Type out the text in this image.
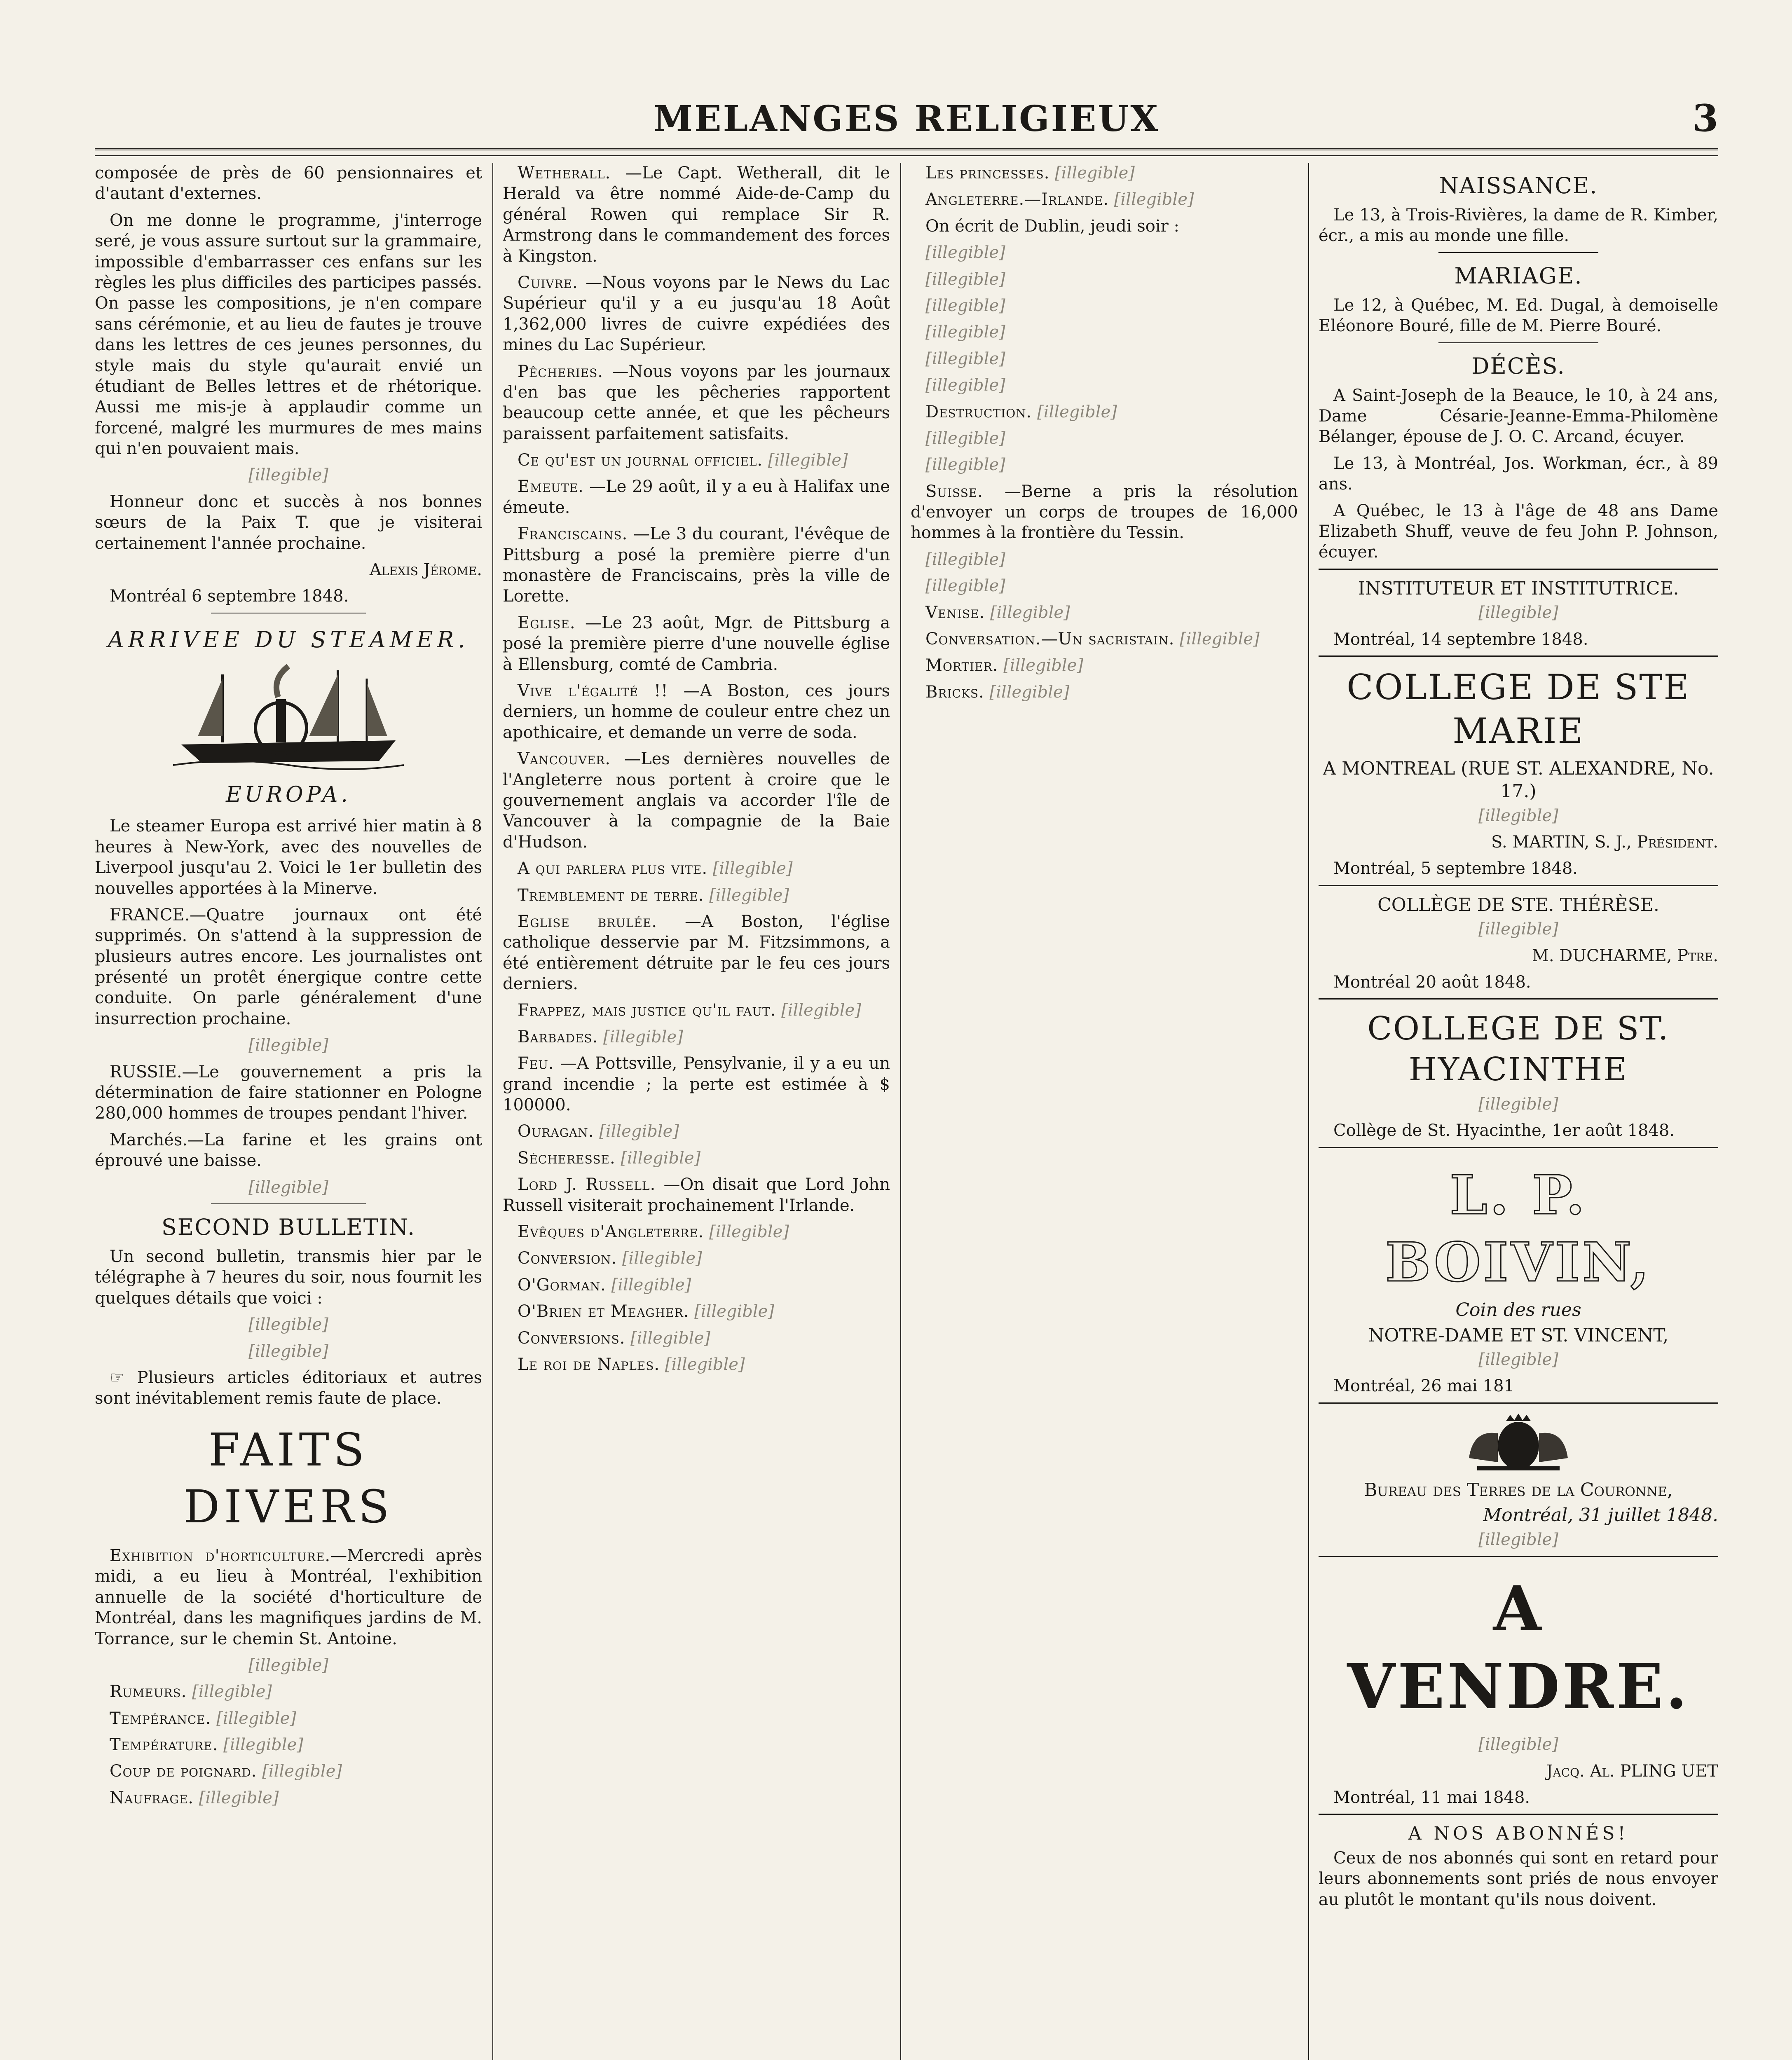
MELANGES RELIGIEUX	3

composée de près de 60 pensionnaires et d'autant d'externes.

On me donne le programme, j'interroge seré, je vous assure surtout sur la grammaire, impossible d'embarrasser ces enfans sur les règles les plus difficiles des participes passés. On passe les compositions, je n'en compare sans cérémonie, et au lieu de fautes je trouve dans les lettres de ces jeunes personnes, du style mais du style qu'aurait envié un étudiant de Belles lettres et de rhétorique. Aussi me mis-je à applaudir comme un forcené, malgré les murmures de mes mains qui n'en pouvaient mais.

[illegible]

Honneur donc et succès à nos bonnes sœurs de la Paix T. que je visiterai certainement l'année prochaine.

Alexis Jérome.

Montréal 6 septembre 1848.

ARRIVEE DU STEAMER.
EUROPA.

Le steamer Europa est arrivé hier matin à 8 heures à New-York, avec des nouvelles de Liverpool jusqu'au 2. Voici le 1er bulletin des nouvelles apportées à la Minerve.

FRANCE.—Quatre journaux ont été supprimés. On s'attend à la suppression de plusieurs autres encore. Les journalistes ont présenté un protêt énergique contre cette conduite. On parle généralement d'une insurrection prochaine.

[illegible]

RUSSIE.—Le gouvernement a pris la détermination de faire stationner en Pologne 280,000 hommes de troupes pendant l'hiver.

Marchés.—La farine et les grains ont éprouvé une baisse.

[illegible]

SECOND BULLETIN.

Un second bulletin, transmis hier par le télégraphe à 7 heures du soir, nous fournit les quelques détails que voici :

[illegible]

[illegible]

☞ Plusieurs articles éditoriaux et autres sont inévitablement remis faute de place.

FAITS DIVERS

Exhibition d'horticulture.—Mercredi après midi, a eu lieu à Montréal, l'exhibition annuelle de la société d'horticulture de Montréal, dans les magnifiques jardins de M. Torrance, sur le chemin St. Antoine.

[illegible]

Rumeurs. [illegible]

Tempérance. [illegible]

Température. [illegible]

Coup de poignard. [illegible]

Naufrage. [illegible]

Wetherall. —Le Capt. Wetherall, dit le Herald va être nommé Aide-de-Camp du général Rowen qui remplace Sir R. Armstrong dans le commandement des forces à Kingston.

Cuivre. —Nous voyons par le News du Lac Supérieur qu'il y a eu jusqu'au 18 Août 1,362,000 livres de cuivre expédiées des mines du Lac Supérieur.

Pêcheries. —Nous voyons par les journaux d'en bas que les pêcheries rapportent beaucoup cette année, et que les pêcheurs paraissent parfaitement satisfaits.

Ce qu'est un journal officiel. [illegible]

Emeute. —Le 29 août, il y a eu à Halifax une émeute.

Franciscains. —Le 3 du courant, l'évêque de Pittsburg a posé la première pierre d'un monastère de Franciscains, près la ville de Lorette.

Eglise. —Le 23 août, Mgr. de Pittsburg a posé la première pierre d'une nouvelle église à Ellensburg, comté de Cambria.

Vive l'égalité !! —A Boston, ces jours derniers, un homme de couleur entre chez un apothicaire, et demande un verre de soda.

Vancouver. —Les dernières nouvelles de l'Angleterre nous portent à croire que le gouvernement anglais va accorder l'île de Vancouver à la compagnie de la Baie d'Hudson.

A qui parlera plus vite. [illegible]

Tremblement de terre. [illegible]

Eglise brulée. —A Boston, l'église catholique desservie par M. Fitzsimmons, a été entièrement détruite par le feu ces jours derniers.

Frappez, mais justice qu'il faut. [illegible]

Barbades. [illegible]

Feu. —A Pottsville, Pensylvanie, il y a eu un grand incendie ; la perte est estimée à $ 100000.

Ouragan. [illegible]

Sécheresse. [illegible]

Lord J. Russell. —On disait que Lord John Russell visiterait prochainement l'Irlande.

Evêques d'Angleterre. [illegible]

Conversion. [illegible]

O'Gorman. [illegible]

O'Brien et Meagher. [illegible]

Conversions. [illegible]

Le roi de Naples. [illegible]

Les princesses. [illegible]

Angleterre.—Irlande. [illegible]

On écrit de Dublin, jeudi soir :

[illegible]

[illegible]

[illegible]

[illegible]

[illegible]

[illegible]

Destruction. [illegible]

[illegible]

[illegible]

Suisse. —Berne a pris la résolution d'envoyer un corps de troupes de 16,000 hommes à la frontière du Tessin.

[illegible]

[illegible]

Venise. [illegible]

Conversation.—Un sacristain. [illegible]

Mortier. [illegible]

Bricks. [illegible]

NAISSANCE.

Le 13, à Trois-Rivières, la dame de R. Kimber, écr., a mis au monde une fille.

MARIAGE.

Le 12, à Québec, M. Ed. Dugal, à demoiselle Eléonore Bouré, fille de M. Pierre Bouré.

DÉCÈS.

A Saint-Joseph de la Beauce, le 10, à 24 ans, Dame Césarie-Jeanne-Emma-Philomène Bélanger, épouse de J. O. C. Arcand, écuyer.

Le 13, à Montréal, Jos. Workman, écr., à 89 ans.

A Québec, le 13 à l'âge de 48 ans Dame Elizabeth Shuff, veuve de feu John P. Johnson, écuyer.

INSTITUTEUR ET INSTITUTRICE.

[illegible]

Montréal, 14 septembre 1848.

COLLEGE DE STE MARIE
A MONTREAL (RUE ST. ALEXANDRE, No. 17.)

[illegible]

S. MARTIN, S. J., Président.

Montréal, 5 septembre 1848.

COLLÈGE DE STE. THÉRÈSE.

[illegible]

M. DUCHARME, Ptre.

Montréal 20 août 1848.

COLLEGE DE ST. HYACINTHE

[illegible]

Collège de St. Hyacinthe, 1er août 1848.

L. P. BOIVIN,
Coin des rues
NOTRE-DAME ET ST. VINCENT,

[illegible]

Montréal, 26 mai 181

Bureau des Terres de la Couronne,
Montréal, 31 juillet 1848.

[illegible]

A VENDRE.

[illegible]

Jacq. Al. PLING UET

Montréal, 11 mai 1848.

A NOS ABONNÉS!

Ceux de nos abonnés qui sont en retard pour leurs abonnements sont priés de nous envoyer au plutôt le montant qu'ils nous doivent.
